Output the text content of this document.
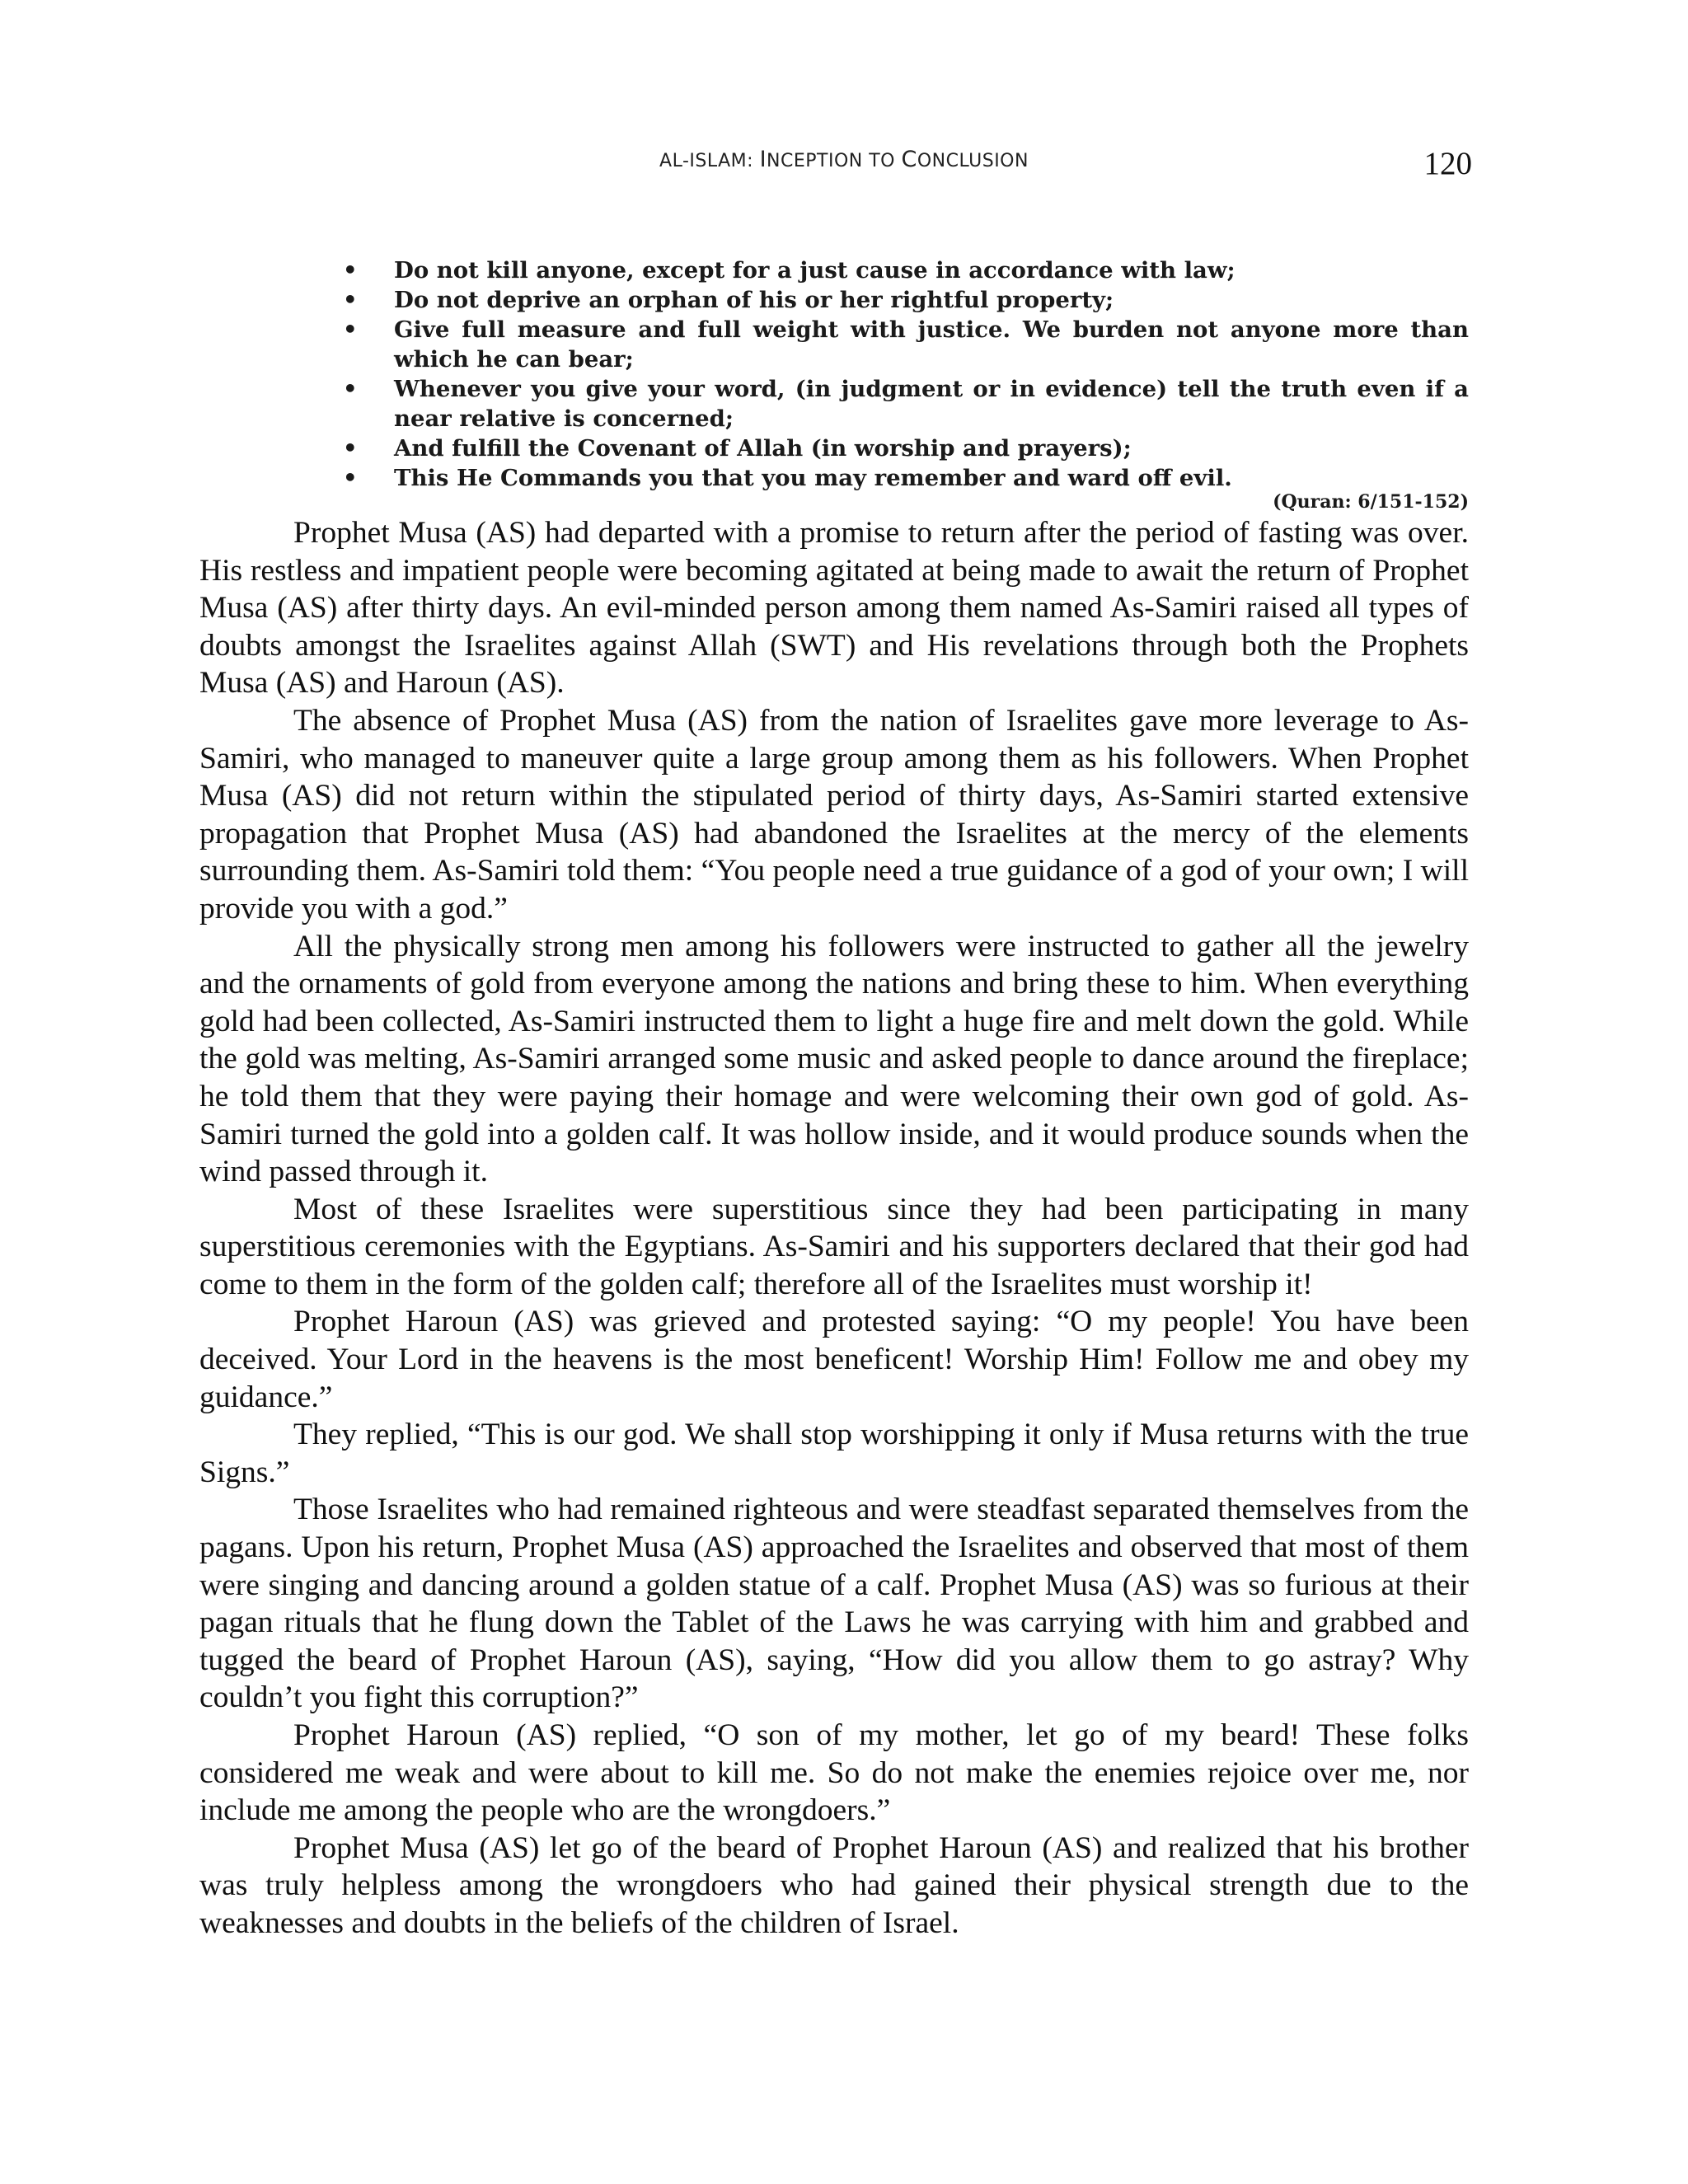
AL-ISLAM: INCEPTION TO CONCLUSION	120
• Do not kill anyone, except for a just cause in accordance with law;
• Do not deprive an orphan of his or her rightful property;
• Give full measure and full weight with justice. We burden not anyone more than which he can bear;
• Whenever you give your word, (in judgment or in evidence) tell the truth even if a near relative is concerned;
• And fulfill the Covenant of Allah (in worship and prayers);
• This He Commands you that you may remember and ward off evil.
(Quran: 6/151-152)

Prophet Musa (AS) had departed with a promise to return after the period of fasting was over. His restless and impatient people were becoming agitated at being made to await the return of Prophet Musa (AS) after thirty days. An evil-minded person among them named As-Samiri raised all types of doubts amongst the Israelites against Allah (SWT) and His revelations through both the Prophets Musa (AS) and Haroun (AS).

The absence of Prophet Musa (AS) from the nation of Israelites gave more leverage to As-Samiri, who managed to maneuver quite a large group among them as his followers. When Prophet Musa (AS) did not return within the stipulated period of thirty days, As-Samiri started extensive propagation that Prophet Musa (AS) had abandoned the Israelites at the mercy of the elements surrounding them. As-Samiri told them: “You people need a true guidance of a god of your own; I will provide you with a god.”

All the physically strong men among his followers were instructed to gather all the jewelry and the ornaments of gold from everyone among the nations and bring these to him. When everything gold had been collected, As-Samiri instructed them to light a huge fire and melt down the gold. While the gold was melting, As-Samiri arranged some music and asked people to dance around the fireplace; he told them that they were paying their homage and were welcoming their own god of gold. As-Samiri turned the gold into a golden calf. It was hollow inside, and it would produce sounds when the wind passed through it.

Most of these Israelites were superstitious since they had been participating in many superstitious ceremonies with the Egyptians. As-Samiri and his supporters declared that their god had come to them in the form of the golden calf; therefore all of the Israelites must worship it!

Prophet Haroun (AS) was grieved and protested saying: “O my people! You have been deceived. Your Lord in the heavens is the most beneficent! Worship Him! Follow me and obey my guidance.”

They replied, “This is our god. We shall stop worshipping it only if Musa returns with the true Signs.”

Those Israelites who had remained righteous and were steadfast separated themselves from the pagans. Upon his return, Prophet Musa (AS) approached the Israelites and observed that most of them were singing and dancing around a golden statue of a calf. Prophet Musa (AS) was so furious at their pagan rituals that he flung down the Tablet of the Laws he was carrying with him and grabbed and tugged the beard of Prophet Haroun (AS), saying, “How did you allow them to go astray? Why couldn’t you fight this corruption?”

Prophet Haroun (AS) replied, “O son of my mother, let go of my beard! These folks considered me weak and were about to kill me. So do not make the enemies rejoice over me, nor include me among the people who are the wrongdoers.”

Prophet Musa (AS) let go of the beard of Prophet Haroun (AS) and realized that his brother was truly helpless among the wrongdoers who had gained their physical strength due to the weaknesses and doubts in the beliefs of the children of Israel.
